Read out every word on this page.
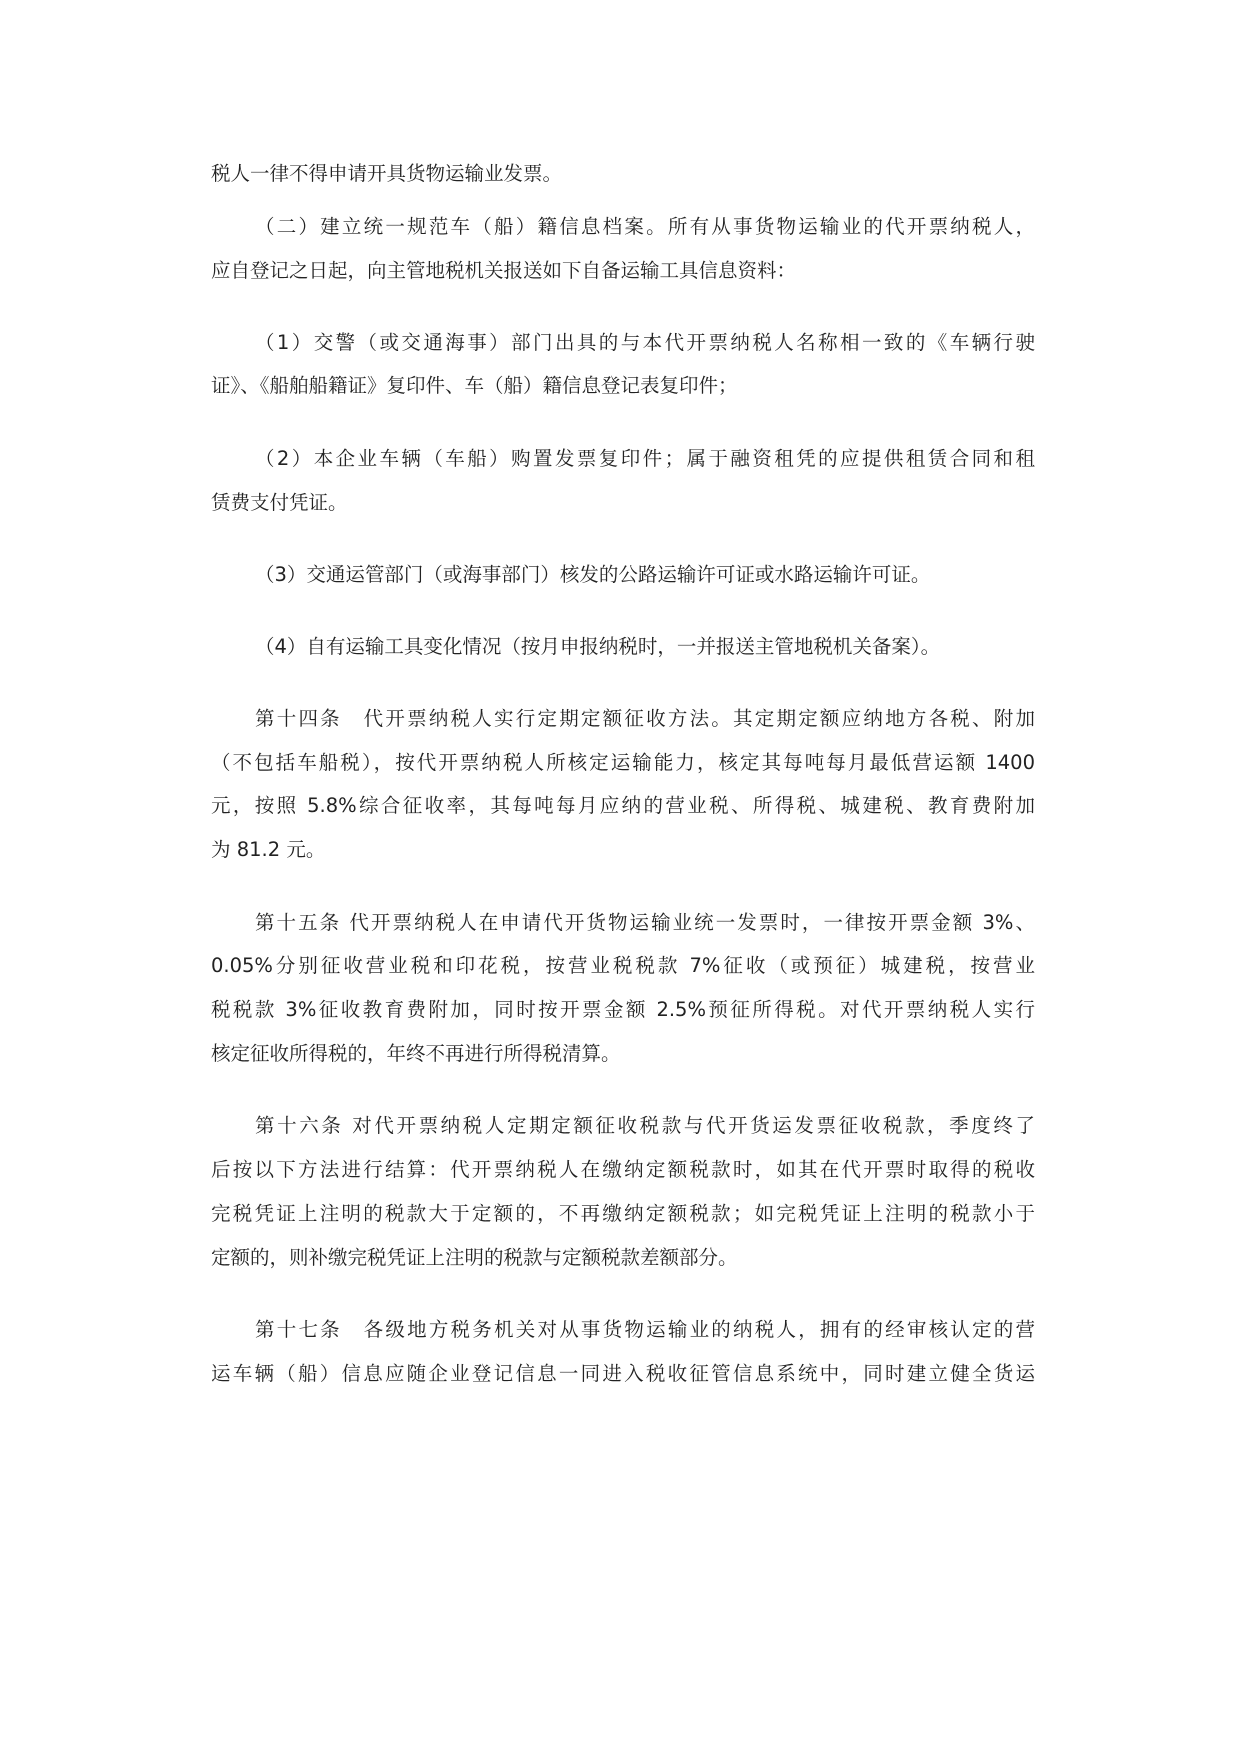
税人一律不得申请开具货物运输业发票。
（二）建立统一规范车（船）籍信息档案。所有从事货物运输业的代开票纳税人，
应自登记之日起，向主管地税机关报送如下自备运输工具信息资料：
（1）交警（或交通海事）部门出具的与本代开票纳税人名称相一致的《车辆行驶
证》、《船舶船籍证》复印件、车（船）籍信息登记表复印件；
（2）本企业车辆（车船）购置发票复印件；属于融资租凭的应提供租赁合同和租
赁费支付凭证。
（3）交通运管部门（或海事部门）核发的公路运输许可证或水路运输许可证。
（4）自有运输工具变化情况（按月申报纳税时，一并报送主管地税机关备案）。
第十四条　代开票纳税人实行定期定额征收方法。其定期定额应纳地方各税、附加
（不包括车船税），按代开票纳税人所核定运输能力，核定其每吨每月最低营运额 1400
元，按照 5.8%综合征收率，其每吨每月应纳的营业税、所得税、城建税、教育费附加
为 81.2 元。
第十五条 代开票纳税人在申请代开货物运输业统一发票时，一律按开票金额 3%、
0.05%分别征收营业税和印花税，按营业税税款 7%征收（或预征）城建税，按营业
税税款 3%征收教育费附加，同时按开票金额 2.5%预征所得税。对代开票纳税人实行
核定征收所得税的，年终不再进行所得税清算。
第十六条 对代开票纳税人定期定额征收税款与代开货运发票征收税款，季度终了
后按以下方法进行结算：代开票纳税人在缴纳定额税款时，如其在代开票时取得的税收
完税凭证上注明的税款大于定额的，不再缴纳定额税款；如完税凭证上注明的税款小于
定额的，则补缴完税凭证上注明的税款与定额税款差额部分。
第十七条　各级地方税务机关对从事货物运输业的纳税人，拥有的经审核认定的营
运车辆（船）信息应随企业登记信息一同进入税收征管信息系统中，同时建立健全货运
